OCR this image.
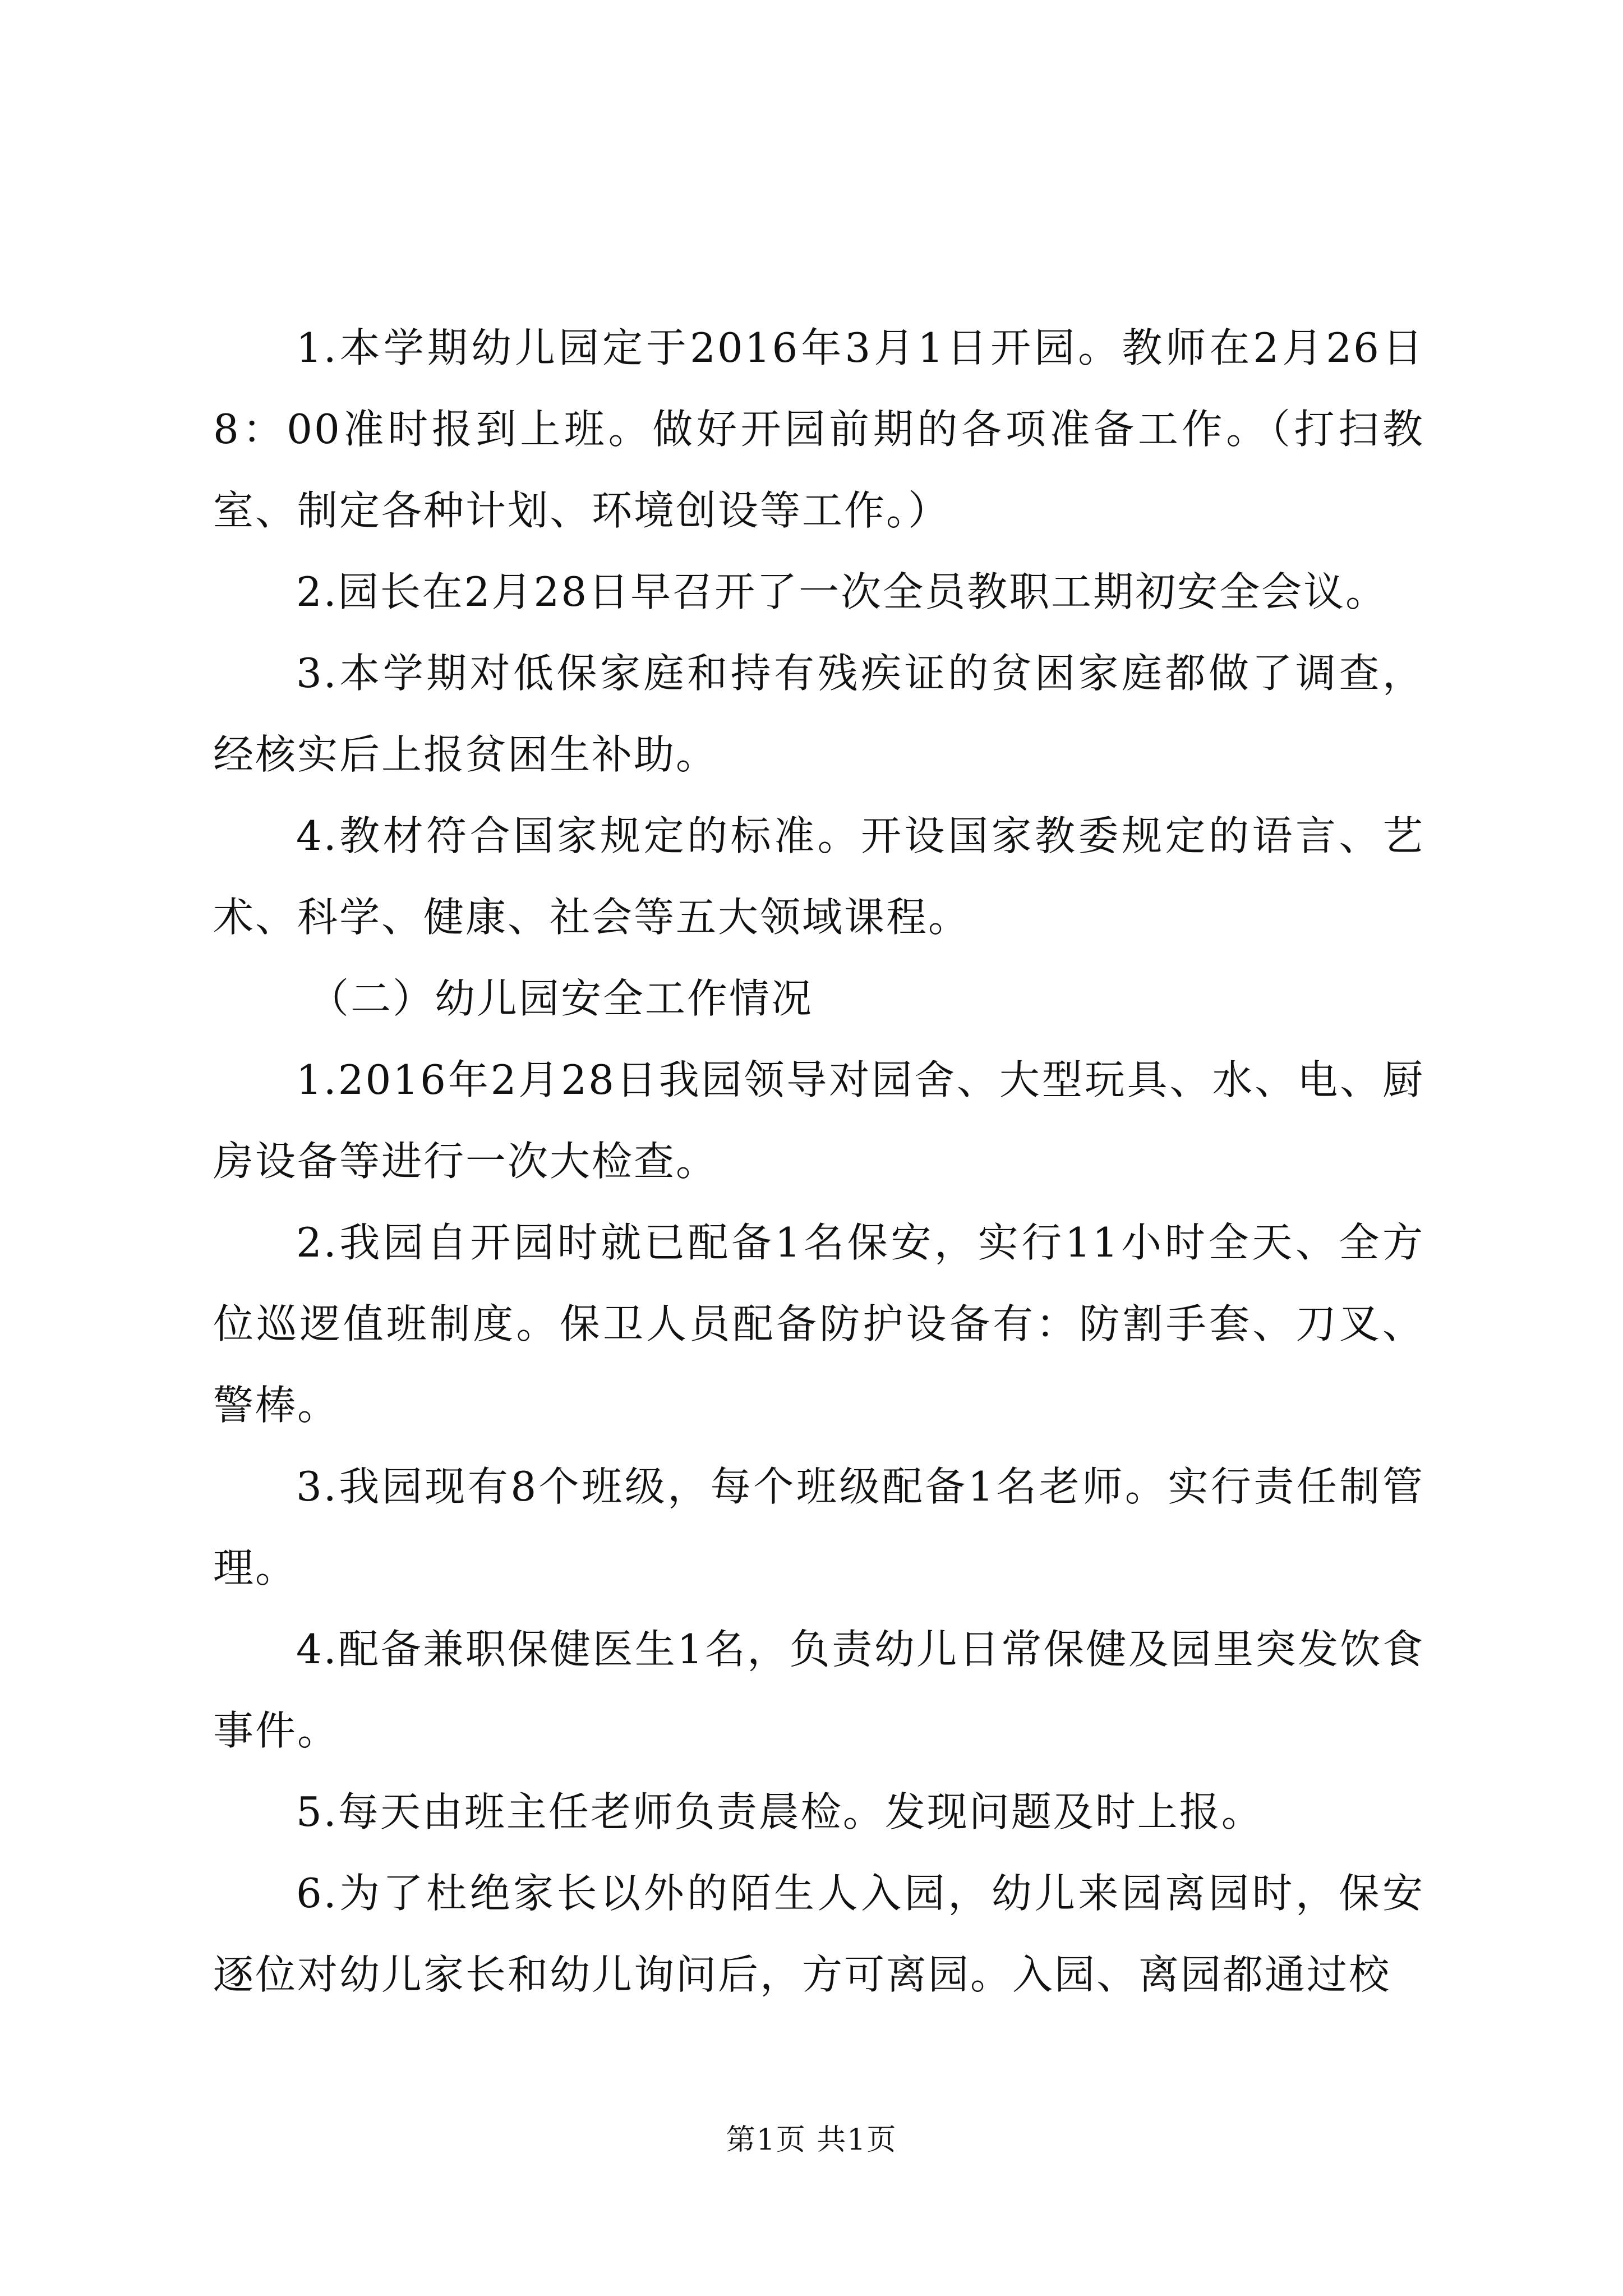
1.本学期幼儿园定于2016年3月1日开园。教师在2月26日8：00准时报到上班。做好开园前期的各项准备工作。（打扫教室、制定各种计划、环境创设等工作。）

2.园长在2月28日早召开了一次全员教职工期初安全会议。

3.本学期对低保家庭和持有残疾证的贫困家庭都做了调查，经核实后上报贫困生补助。

4.教材符合国家规定的标准。开设国家教委规定的语言、艺术、科学、健康、社会等五大领域课程。

（二）幼儿园安全工作情况

1.2016年2月28日我园领导对园舍、大型玩具、水、电、厨房设备等进行一次大检查。

2.我园自开园时就已配备1名保安，实行11小时全天、全方位巡逻值班制度。保卫人员配备防护设备有：防割手套、刀叉、警棒。

3.我园现有8个班级，每个班级配备1名老师。实行责任制管理。

4.配备兼职保健医生1名，负责幼儿日常保健及园里突发饮食事件。

5.每天由班主任老师负责晨检。发现问题及时上报。

6.为了杜绝家长以外的陌生人入园，幼儿来园离园时，保安逐位对幼儿家长和幼儿询问后，方可离园。入园、离园都通过校

第1页 共1页
